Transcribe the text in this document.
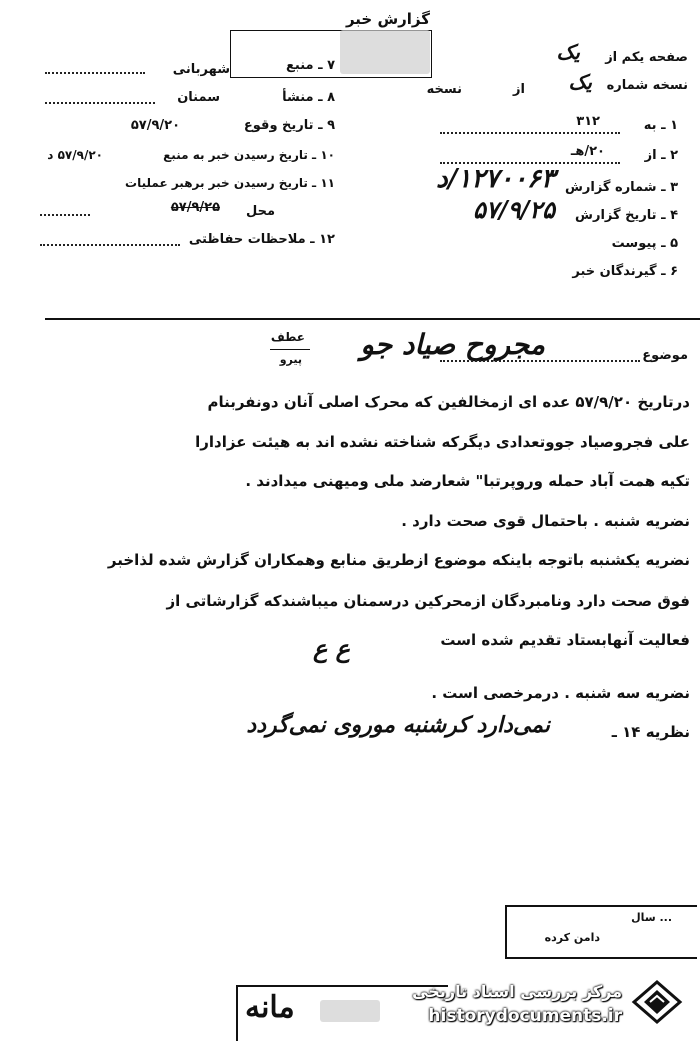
گزارش خبر
صفحه یکم از
یک
نسخه شماره
یک
از
نسخه
۱ ـ به
۳۱۲
۲ ـ از
۲۰/هـ
۳ ـ شماره گزارش
۱۲۷۰۰۶۳/د
۴ ـ تاریخ گزارش
۵۷/۹/۲۵
۵ ـ پیوست
۶ ـ گیرندگان خبر
۷ ـ منبع
شهربانی
۸ ـ منشأ
سمنان
۹ ـ تاریخ وقوع
۵۷/۹/۲۰
۱۰ ـ تاریخ رسیدن خبر به منبع
۵۷/۹/۲۰ د
۱۱ ـ تاریخ رسیدن خبر برهبر عملیات
محل
۵۷/۹/۲۵
۱۲ ـ ملاحظات حفاظتی
موضوع
مجروح صیاد جو
عطف
پیرو
درتاریخ ۵۷/۹/۲۰ عده ای ازمخالفین که محرک اصلی آنان دونفربنام
علی فجروصیاد جووتعدادی دیگرکه شناخته نشده اند به هیئت عزادارا
تکیه همت آباد حمله وروپرتبا" شعارضد ملی ومیهنی میدادند .
نضریه شنبه . باحتمال قوی صحت دارد .
نضریه یکشنبه باتوجه باینکه موضوع ازطریق منابع وهمکاران گزارش شده لذاخبر
فوق صحت دارد ونامبردگان ازمحرکین درسمنان میباشندکه گزارشاتی از
فعالیت آنهابستاد تقدیم شده است
ع ع
نضریه سه شنبه . درمرخصی است .
نظریه ۱۴ ـ
نمی‌دارد کرشنبه موروی نمی‌گردد
... سال
دامن کرده
مانه	مرکز بررسی اسناد تاریخی
historydocuments.ir
